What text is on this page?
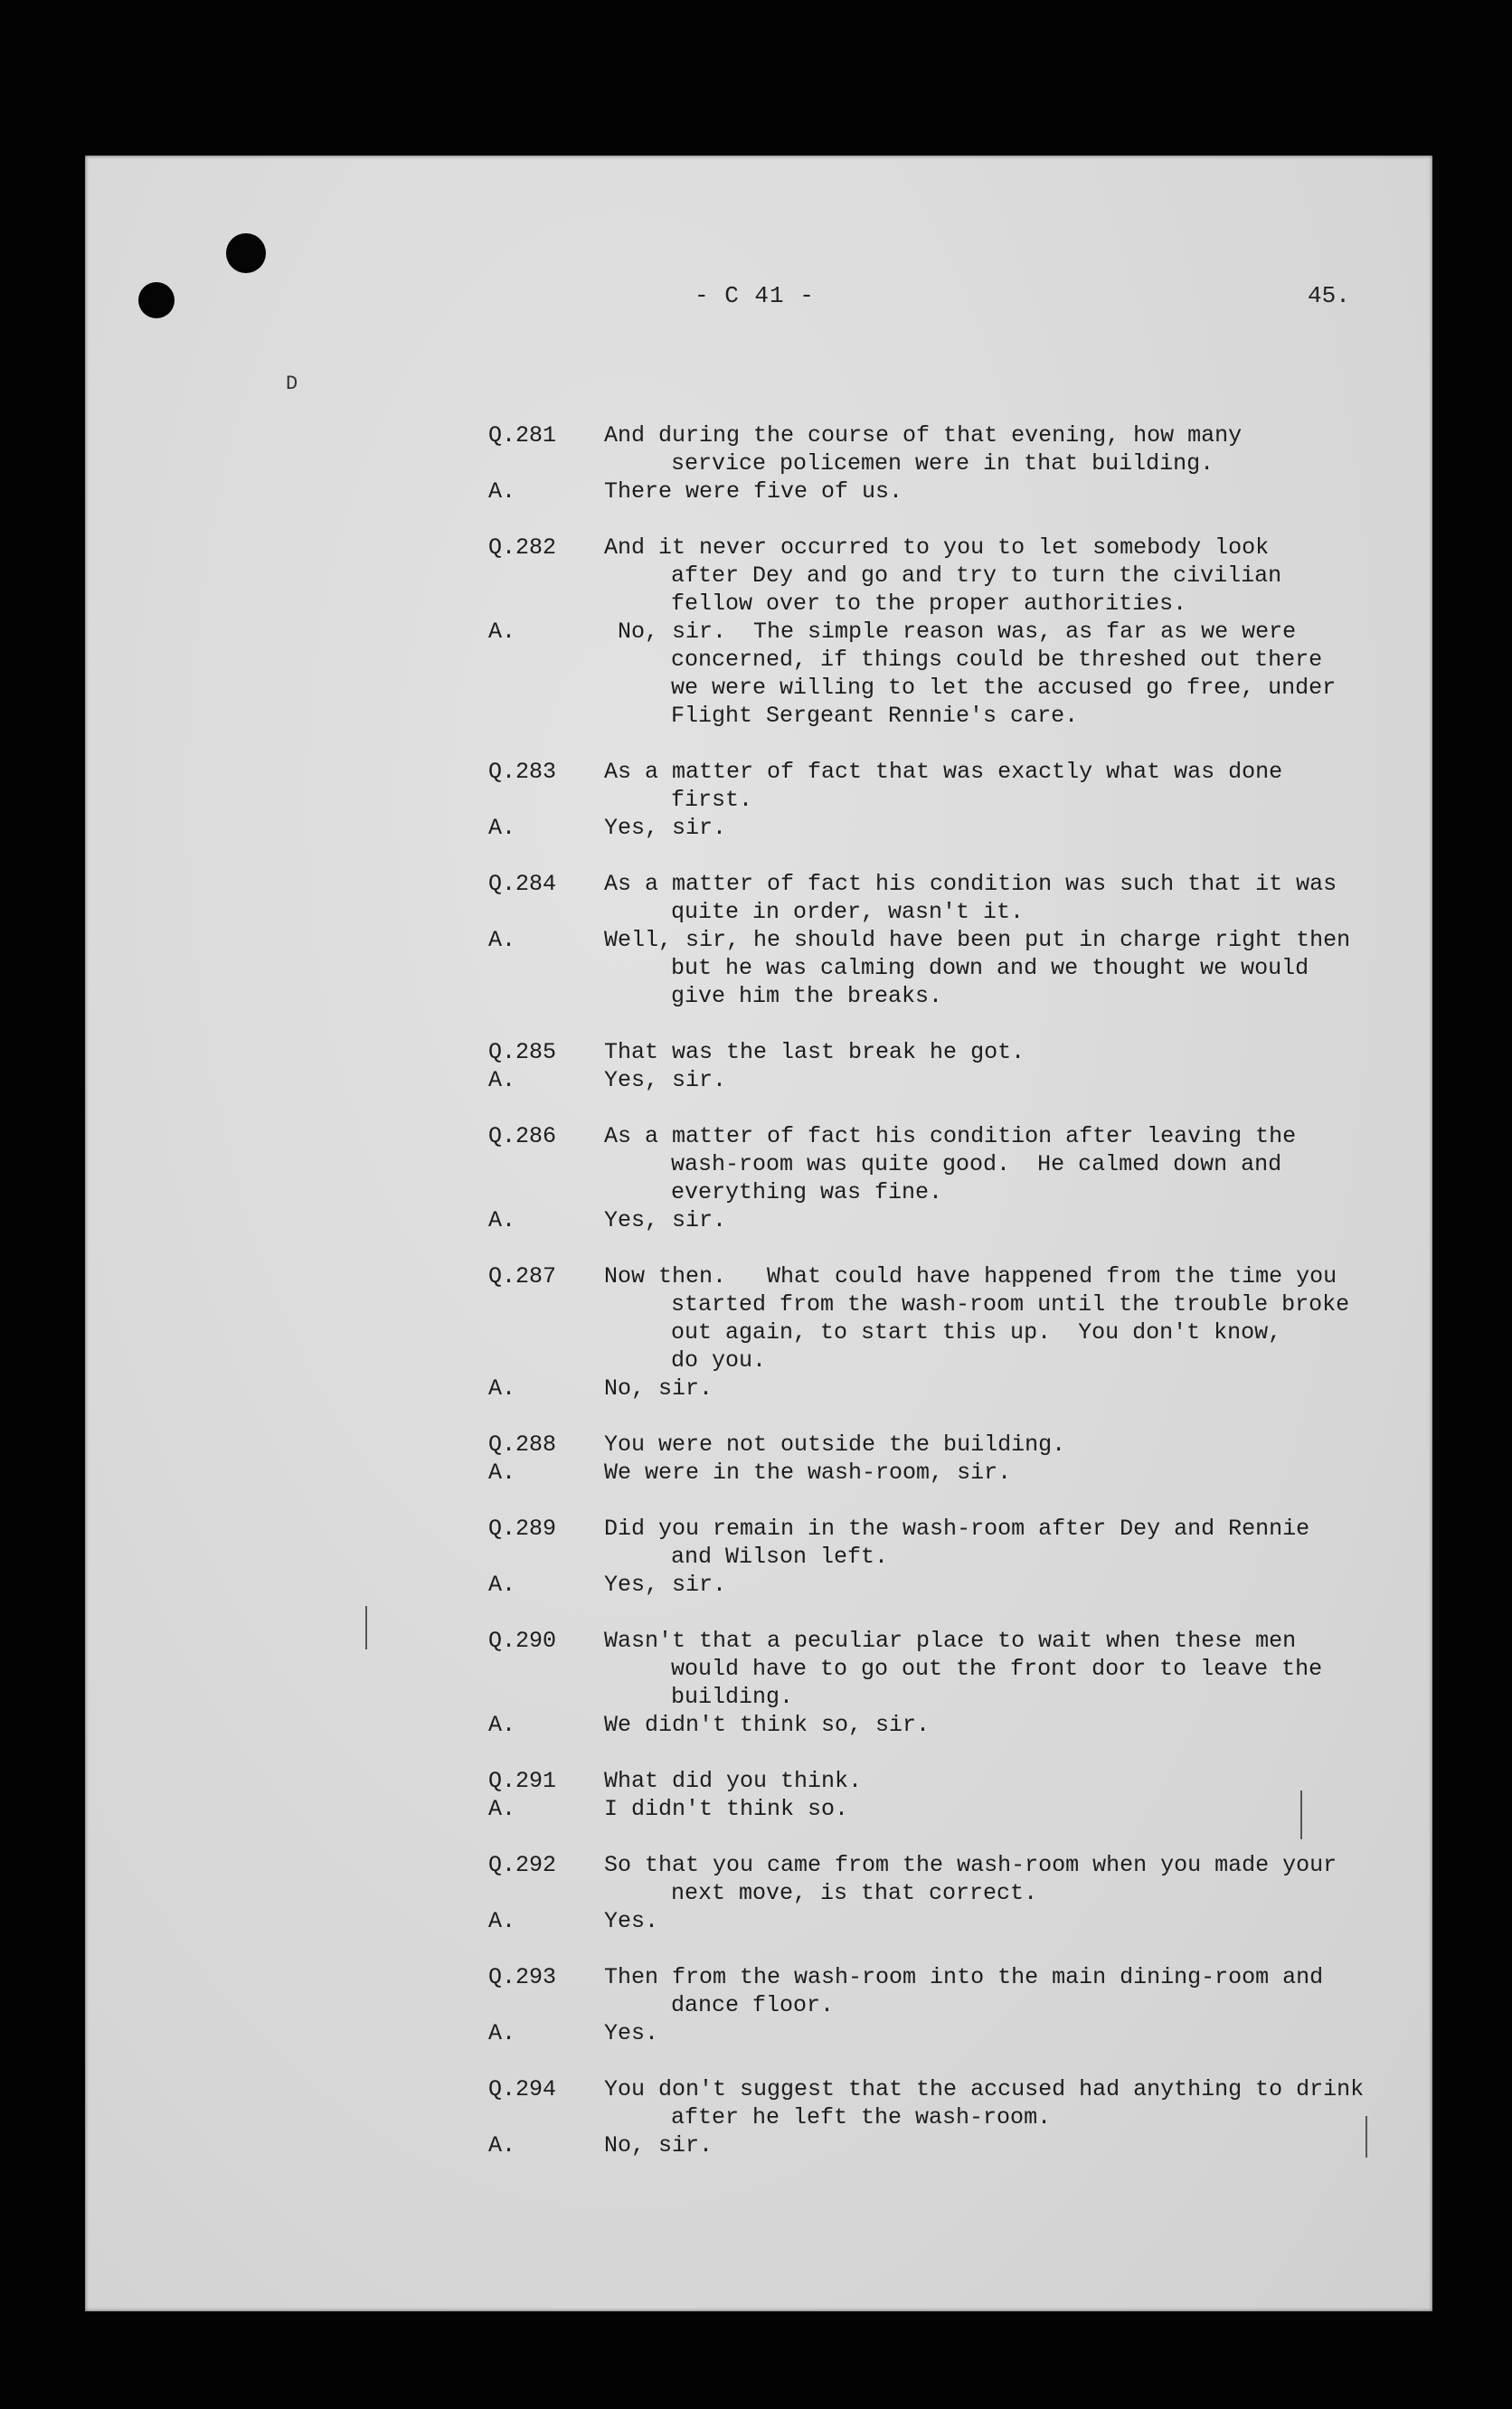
- C 41 -	45.
D
Q.281	And during the course of that evening, how many
service policemen were in that building.
A.	There were five of us.
Q.282	And it never occurred to you to let somebody look
after Dey and go and try to turn the civilian
fellow over to the proper authorities.
A.	No, sir.  The simple reason was, as far as we were
concerned, if things could be threshed out there
we were willing to let the accused go free, under
Flight Sergeant Rennie's care.
Q.283	As a matter of fact that was exactly what was done
first.
A.	Yes, sir.
Q.284	As a matter of fact his condition was such that it was
quite in order, wasn't it.
A.	Well, sir, he should have been put in charge right then
but he was calming down and we thought we would
give him the breaks.
Q.285	That was the last break he got.
A.	Yes, sir.
Q.286	As a matter of fact his condition after leaving the
wash-room was quite good.  He calmed down and
everything was fine.
A.	Yes, sir.
Q.287	Now then.   What could have happened from the time you
started from the wash-room until the trouble broke
out again, to start this up.  You don't know,
do you.
A.	No, sir.
Q.288	You were not outside the building.
A.	We were in the wash-room, sir.
Q.289	Did you remain in the wash-room after Dey and Rennie
and Wilson left.
A.	Yes, sir.
Q.290	Wasn't that a peculiar place to wait when these men
would have to go out the front door to leave the
building.
A.	We didn't think so, sir.
Q.291	What did you think.
A.	I didn't think so.
Q.292	So that you came from the wash-room when you made your
next move, is that correct.
A.	Yes.
Q.293	Then from the wash-room into the main dining-room and
dance floor.
A.	Yes.
Q.294	You don't suggest that the accused had anything to drink
after he left the wash-room.
A.	No, sir.
